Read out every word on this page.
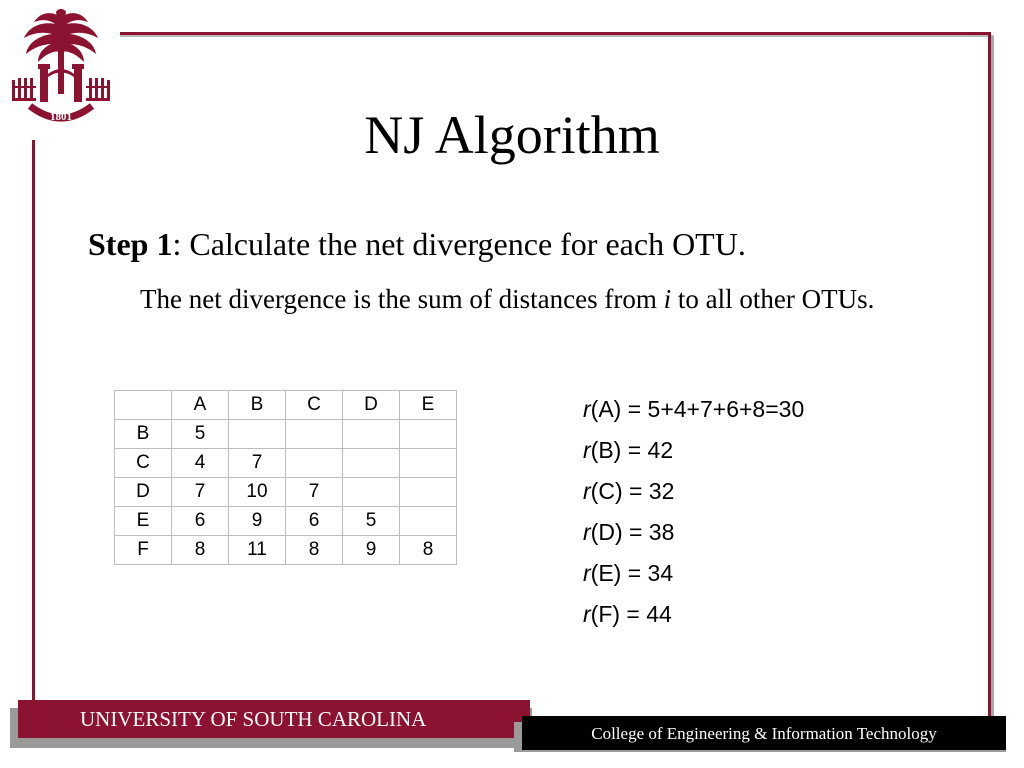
1801	NJ Algorithm
Step 1: Calculate the net divergence for each OTU.
The net divergence is the sum of distances from i to all other OTUs.
	A	B	C	D	E
B	5				
C	4	7			
D	7	10	7		
E	6	9	6	5	
F	8	11	8	9	8
r(A) = 5+4+7+6+8=30
r(B) = 42
r(C) = 32
r(D) = 38
r(E) = 34
r(F) = 44
UNIVERSITY OF SOUTH CAROLINA
College of Engineering & Information Technology
